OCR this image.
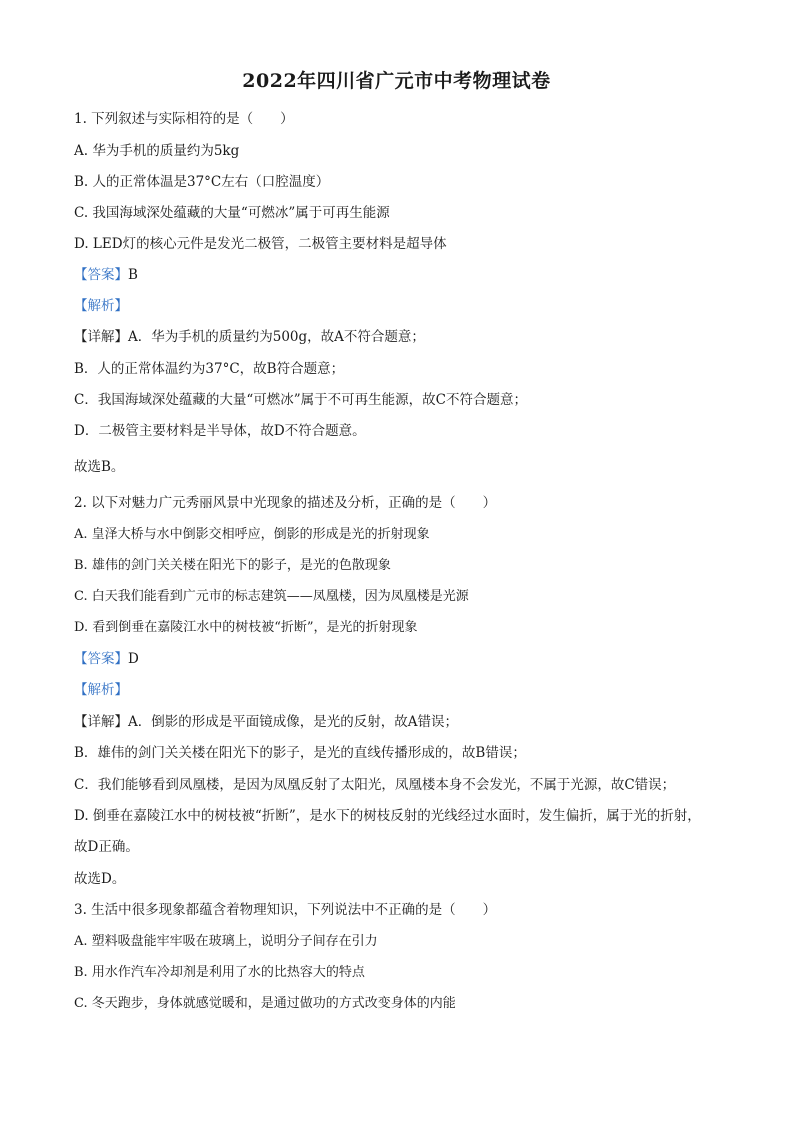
2022年四川省广元市中考物理试卷
1. 下列叙述与实际相符的是（　　）
A. 华为手机的质量约为5kg
B. 人的正常体温是37°C左右（口腔温度）
C. 我国海域深处蕴藏的大量“可燃冰”属于可再生能源
D. LED灯的核心元件是发光二极管，二极管主要材料是超导体
【答案】B
【解析】
【详解】A．华为手机的质量约为500g，故A不符合题意；
B．人的正常体温约为37°C，故B符合题意；
C．我国海域深处蕴藏的大量“可燃冰”属于不可再生能源，故C不符合题意；
D．二极管主要材料是半导体，故D不符合题意。
故选B。
2. 以下对魅力广元秀丽风景中光现象的描述及分析，正确的是（　　）
A. 皇泽大桥与水中倒影交相呼应，倒影的形成是光的折射现象
B. 雄伟的剑门关关楼在阳光下的影子，是光的色散现象
C. 白天我们能看到广元市的标志建筑——凤凰楼，因为凤凰楼是光源
D. 看到倒垂在嘉陵江水中的树枝被“折断”，是光的折射现象
【答案】D
【解析】
【详解】A．倒影的形成是平面镜成像，是光的反射，故A错误；
B．雄伟的剑门关关楼在阳光下的影子，是光的直线传播形成的，故B错误；
C．我们能够看到凤凰楼，是因为凤凰反射了太阳光，凤凰楼本身不会发光，不属于光源，故C错误；
D. 倒垂在嘉陵江水中的树枝被“折断”，是水下的树枝反射的光线经过水面时，发生偏折，属于光的折射，
故D正确。
故选D。
3. 生活中很多现象都蕴含着物理知识，下列说法中不正确的是（　　）
A. 塑料吸盘能牢牢吸在玻璃上，说明分子间存在引力
B. 用水作汽车冷却剂是利用了水的比热容大的特点
C. 冬天跑步，身体就感觉暖和，是通过做功的方式改变身体的内能
